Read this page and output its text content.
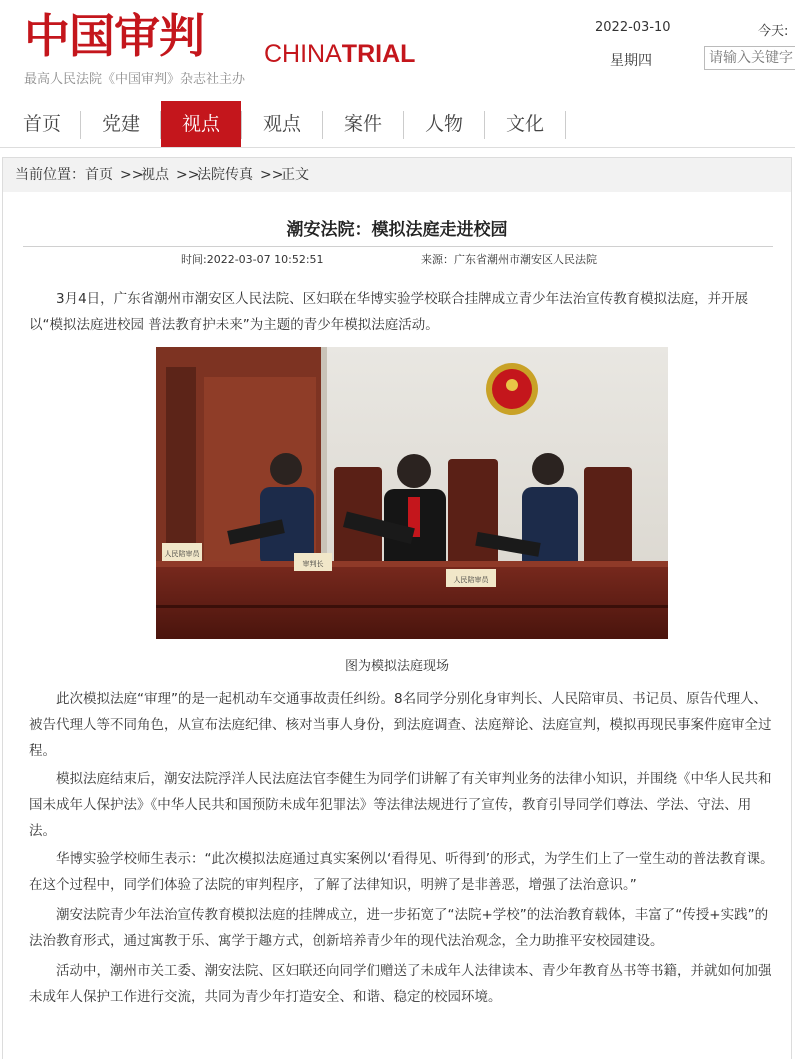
中国审判 CHINATRIAL
最高人民法院《中国审判》杂志社主办
2022-03-10
星期四
今天:
请输入关键字
首页	党建	视点	观点	案件	人物	文化
当前位置： 首页 >>
视点 >>
法院传真 >>
正文
潮安法院：模拟法庭走进校园
时间:2022-03-07 10:52:51	来源：广东省潮州市潮安区人民法院

3月4日，广东省潮州市潮安区人民法院、区妇联在华博实验学校联合挂牌成立青少年法治宣传教育模拟法庭，并开展以“模拟法庭进校园 普法教育护未来”为主题的青少年模拟法庭活动。

人民陪审员
审判长
人民陪审员
图为模拟法庭现场

此次模拟法庭“审理”的是一起机动车交通事故责任纠纷。8名同学分别化身审判长、人民陪审员、书记员、原告代理人、被告代理人等不同角色，从宣布法庭纪律、核对当事人身份，到法庭调查、法庭辩论、法庭宣判，模拟再现民事案件庭审全过程。

模拟法庭结束后，潮安法院浮洋人民法庭法官李健生为同学们讲解了有关审判业务的法律小知识，并围绕《中华人民共和国未成年人保护法》《中华人民共和国预防未成年犯罪法》等法律法规进行了宣传，教育引导同学们尊法、学法、守法、用法。

华博实验学校师生表示：“此次模拟法庭通过真实案例以‘看得见、听得到’的形式，为学生们上了一堂生动的普法教育课。在这个过程中，同学们体验了法院的审判程序，了解了法律知识，明辨了是非善恶，增强了法治意识。”

潮安法院青少年法治宣传教育模拟法庭的挂牌成立，进一步拓宽了“法院+学校”的法治教育载体，丰富了“传授+实践”的法治教育形式，通过寓教于乐、寓学于趣方式，创新培养青少年的现代法治观念，全力助推平安校园建设。

活动中，潮州市关工委、潮安法院、区妇联还向同学们赠送了未成年人法律读本、青少年教育丛书等书籍，并就如何加强未成年人保护工作进行交流，共同为青少年打造安全、和谐、稳定的校园环境。
